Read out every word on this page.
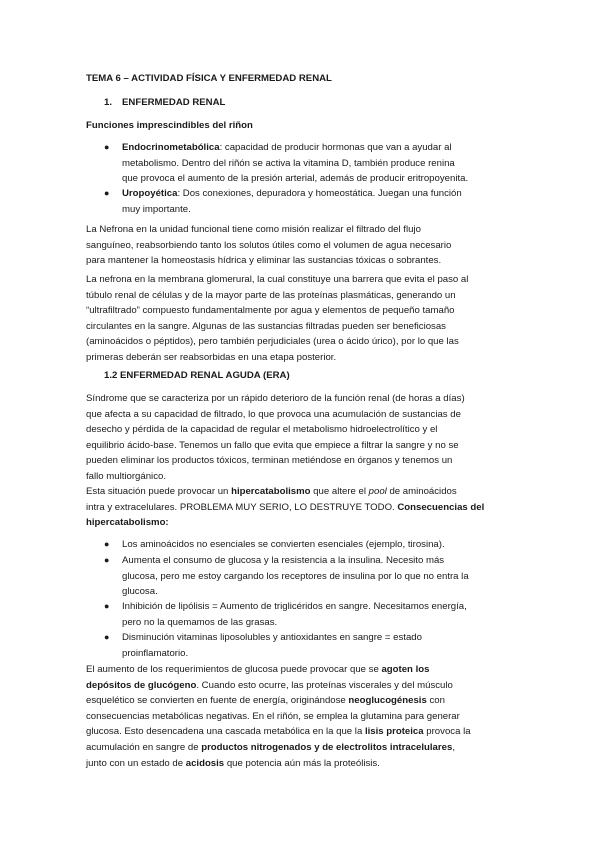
TEMA 6 – ACTIVIDAD FÍSICA Y ENFERMEDAD RENAL

1. ENFERMEDAD RENAL

Funciones imprescindibles del riñon

● Endocrinometabólica: capacidad de producir hormonas que van a ayudar al
metabolismo. Dentro del riñón se activa la vitamina D, también produce renina
que provoca el aumento de la presión arterial, además de producir eritropoyenita.
● Uropoyética: Dos conexiones, depuradora y homeostática. Juegan una función
muy importante.
La Nefrona en la unidad funcional tiene como misión realizar el filtrado del flujo
sanguíneo, reabsorbiendo tanto los solutos útiles como el volumen de agua necesario
para mantener la homeostasis hídrica y eliminar las sustancias tóxicas o sobrantes.
La nefrona en la membrana glomerural, la cual constituye una barrera que evita el paso al
túbulo renal de células y de la mayor parte de las proteínas plasmáticas, generando un
“ultrafiltrado” compuesto fundamentalmente por agua y elementos de pequeño tamaño
circulantes en la sangre. Algunas de las sustancias filtradas pueden ser beneficiosas
(aminoácidos o péptidos), pero también perjudiciales (urea o ácido úrico), por lo que las
primeras deberán ser reabsorbidas en una etapa posterior.

1.2 ENFERMEDAD RENAL AGUDA (ERA)

Síndrome que se caracteriza por un rápido deterioro de la función renal (de horas a días)
que afecta a su capacidad de filtrado, lo que provoca una acumulación de sustancias de
desecho y pérdida de la capacidad de regular el metabolismo hidroelectrolítico y el
equilibrio ácido-base. Tenemos un fallo que evita que empiece a filtrar la sangre y no se
pueden eliminar los productos tóxicos, terminan metiéndose en órganos y tenemos un
fallo multiorgánico.
Esta situación puede provocar un hipercatabolismo que altere el pool de aminoácidos
intra y extracelulares. PROBLEMA MUY SERIO, LO DESTRUYE TODO. Consecuencias del
hipercatabolismo:
● Los aminoácidos no esenciales se convierten esenciales (ejemplo, tirosina).
● Aumenta el consumo de glucosa y la resistencia a la insulina. Necesito más
glucosa, pero me estoy cargando los receptores de insulina por lo que no entra la
glucosa.
● Inhibición de lipólisis = Aumento de triglicéridos en sangre. Necesitamos energía,
pero no la quemamos de las grasas.
● Disminución vitaminas liposolubles y antioxidantes en sangre = estado
proinflamatorio.
El aumento de los requerimientos de glucosa puede provocar que se agoten los
depósitos de glucógeno. Cuando esto ocurre, las proteínas viscerales y del músculo
esquelético se convierten en fuente de energía, originándose neoglucogénesis con
consecuencias metabólicas negativas. En el riñón, se emplea la glutamina para generar
glucosa. Esto desencadena una cascada metabólica en la que la lisis proteica provoca la
acumulación en sangre de productos nitrogenados y de electrolitos intracelulares,
junto con un estado de acidosis que potencia aún más la proteólisis.
